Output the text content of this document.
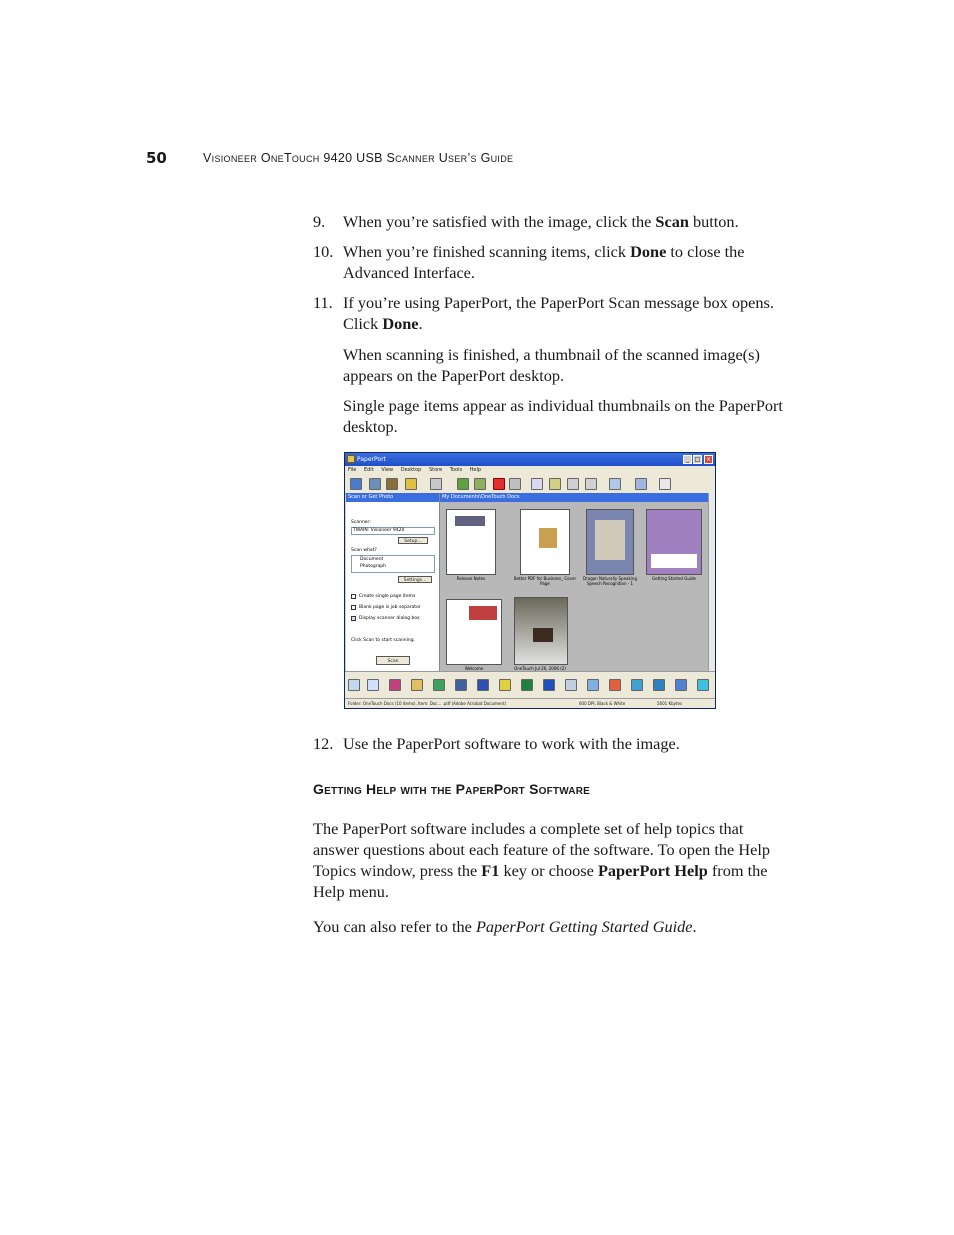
50	Visioneer OneTouch 9420 USB Scanner User’s Guide
9. When you’re satisfied with the image, click the Scan button.
10. When you’re finished scanning items, click Done to close the
Advanced Interface.
11. If you’re using PaperPort, the PaperPort Scan message box opens.
Click Done.
When scanning is finished, a thumbnail of the scanned image(s)
appears on the PaperPort desktop.
Single page items appear as individual thumbnails on the PaperPort
desktop.
PaperPort	_ □ ×
File Edit View Desktop Store Tools Help
Scan or Get Photo
Scanner:
TWAIN: Visioneer 9420
Setup...
Scan what?
Document
Photograph
Settings...
Create single page items
Blank page is job separator
Display scanner dialog box
Click Scan to start scanning.
Scan
My Documents\OneTouch Docs
Release Notes	Better PDF for Business_ Cover Page
Dragon Naturally Speaking Speech Recognition - 1
Getting Started Guide
Welcome	OneTouch Jul 26, 2006 (2)
Folder: OneTouch Docs (10 items), Item: Doc... .pdf (Adobe Acrobat Document)	600 DPI, Black & White	5601 Kbytes
12. Use the PaperPort software to work with the image.
Getting Help with the PaperPort Software
The PaperPort software includes a complete set of help topics that
answer questions about each feature of the software. To open the Help
Topics window, press the F1 key or choose PaperPort Help from the
Help menu.
You can also refer to the PaperPort Getting Started Guide.
